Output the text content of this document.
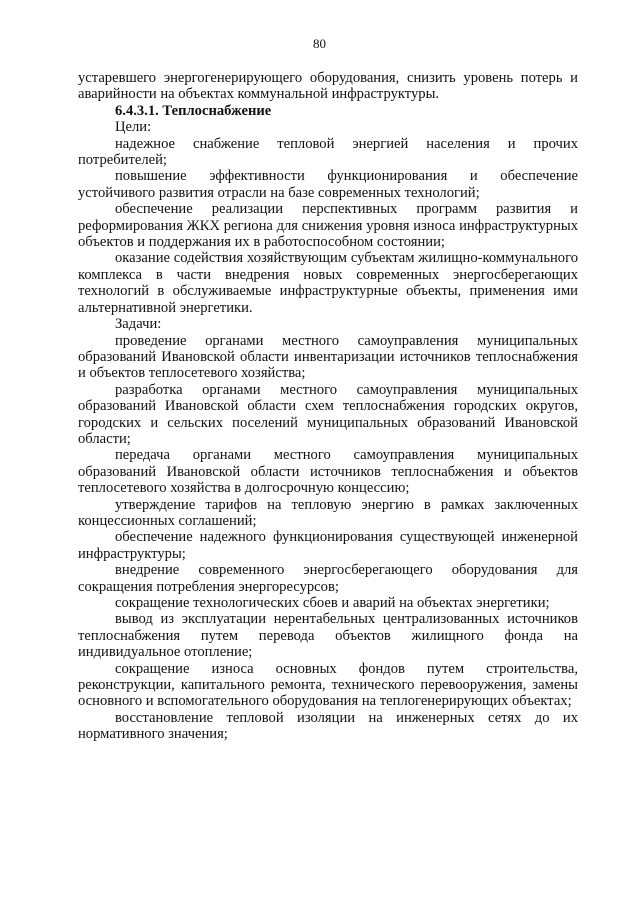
80

устаревшего энергогенерирующего оборудования, снизить уровень потерь и аварийности на объектах коммунальной инфраструктуры.

6.4.3.1. Теплоснабжение

Цели:

надежное снабжение тепловой энергией населения и прочих потребителей;

повышение эффективности функционирования и обеспечение устойчивого развития отрасли на базе современных технологий;

обеспечение реализации перспективных программ развития и реформирования ЖКХ региона для снижения уровня износа инфраструктурных объектов и поддержания их в работоспособном состоянии;

оказание содействия хозяйствующим субъектам жилищно-коммунального комплекса в части внедрения новых современных энергосберегающих технологий в обслуживаемые инфраструктурные объекты, применения ими альтернативной энергетики.

Задачи:

проведение органами местного самоуправления муниципальных образований Ивановской области инвентаризации источников теплоснабжения и объектов теплосетевого хозяйства;

разработка органами местного самоуправления муниципальных образований Ивановской области схем теплоснабжения городских округов, городских и сельских поселений муниципальных образований Ивановской области;

передача органами местного самоуправления муниципальных образований Ивановской области источников теплоснабжения и объектов теплосетевого хозяйства в долгосрочную концессию;

утверждение тарифов на тепловую энергию в рамках заключенных концессионных соглашений;

обеспечение надежного функционирования существующей инженерной инфраструктуры;

внедрение современного энергосберегающего оборудования для сокращения потребления энергоресурсов;

сокращение технологических сбоев и аварий на объектах энергетики;

вывод из эксплуатации нерентабельных централизованных источников теплоснабжения путем перевода объектов жилищного фонда на индивидуальное отопление;

сокращение износа основных фондов путем строительства, реконструкции, капитального ремонта, технического перевооружения, замены основного и вспомогательного оборудования на теплогенерирующих объектах;

восстановление тепловой изоляции на инженерных сетях до их нормативного значения;
